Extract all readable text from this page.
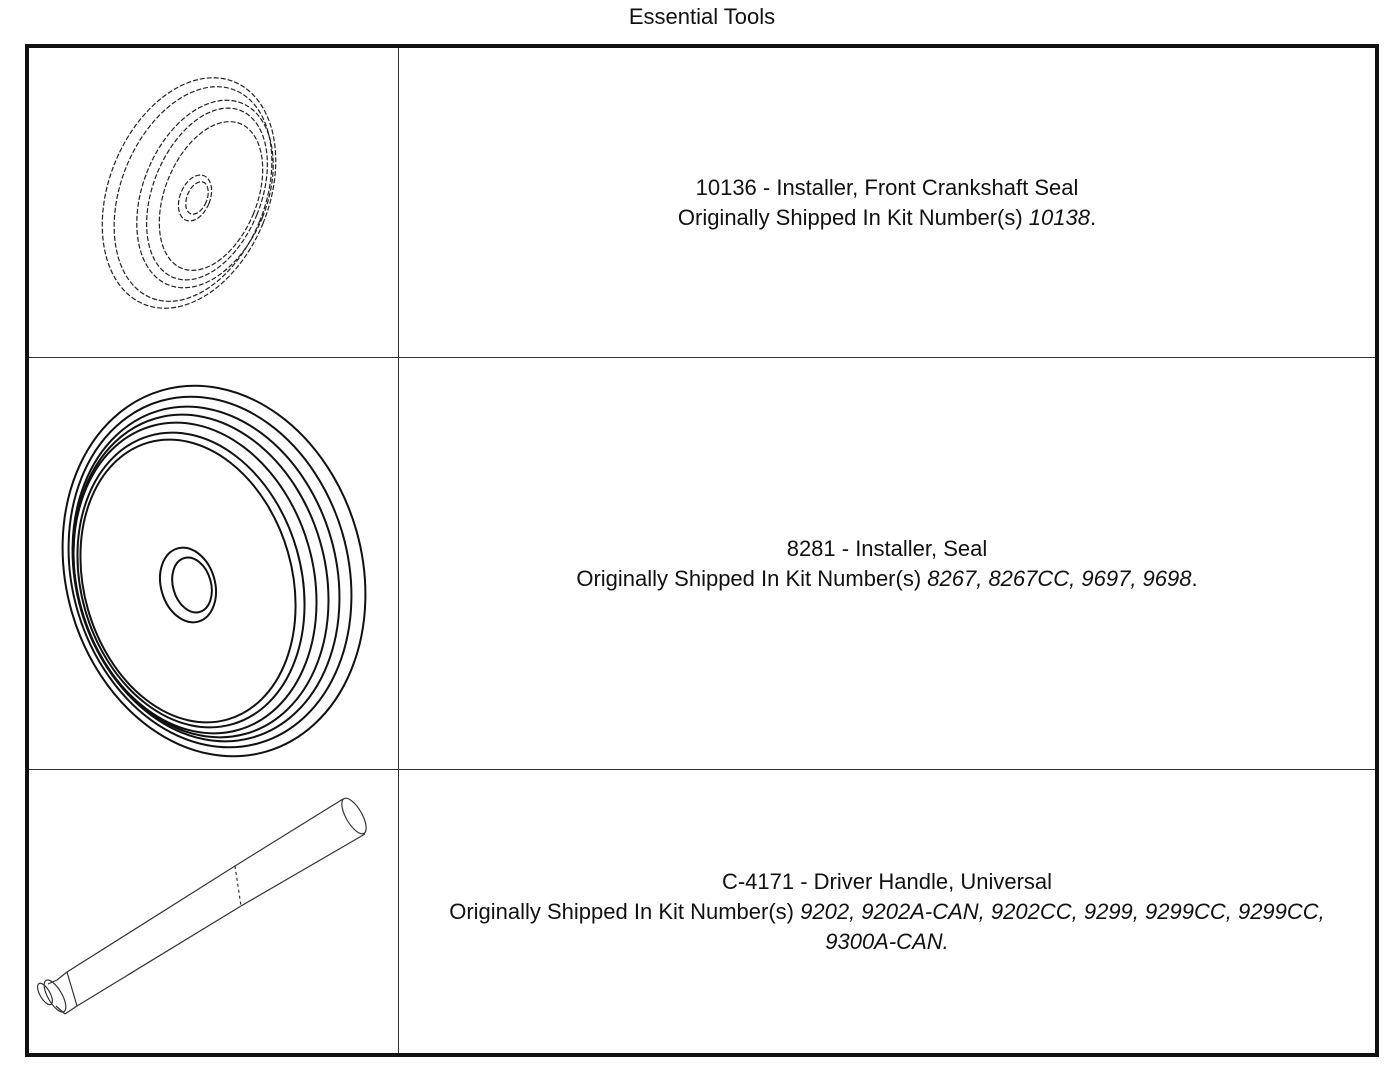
Essential Tools
10136 - Installer, Front Crankshaft Seal
Originally Shipped In Kit Number(s) 10138.
8281 - Installer, Seal
Originally Shipped In Kit Number(s) 8267, 8267CC, 9697, 9698.
C-4171 - Driver Handle, Universal
Originally Shipped In Kit Number(s) 9202, 9202A-CAN, 9202CC, 9299, 9299CC, 9299CC, 9300A-CAN.
